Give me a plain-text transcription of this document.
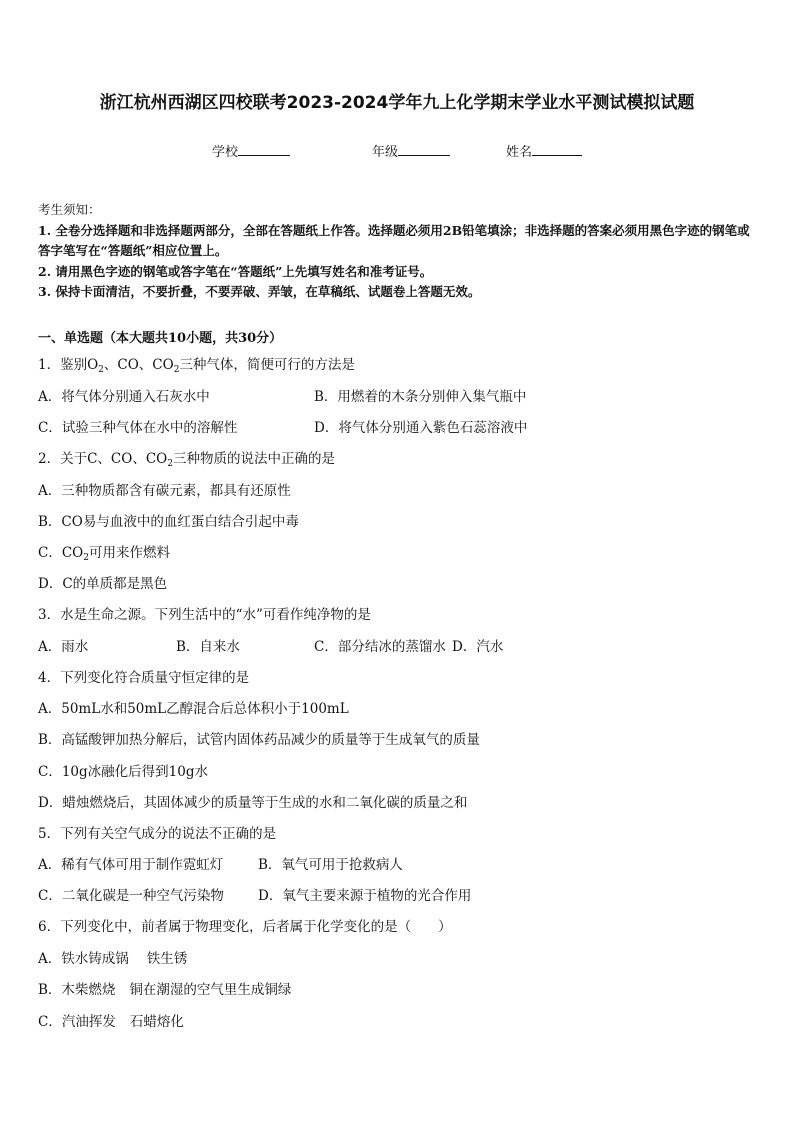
浙江杭州西湖区四校联考2023-2024学年九上化学期末学业水平测试模拟试题
学校	年级	姓名
考生须知：
1. 全卷分选择题和非选择题两部分，全部在答题纸上作答。选择题必须用2B铅笔填涂；非选择题的答案必须用黑色字迹的钢笔或答字笔写在“答题纸”相应位置上。
2. 请用黑色字迹的钢笔或答字笔在“答题纸”上先填写姓名和准考证号。
3. 保持卡面清洁，不要折叠，不要弄破、弄皱，在草稿纸、试题卷上答题无效。
一、单选题（本大题共10小题，共30分）
1．鉴别$O_2$、CO、$CO_2$三种气体，简便可行的方法是
A．将气体分别通入石灰水中	B．用燃着的木条分别伸入集气瓶中
C．试验三种气体在水中的溶解性	D．将气体分别通入紫色石蕊溶液中
2．关于C、CO、$CO_2$三种物质的说法中正确的是
A．三种物质都含有碳元素，都具有还原性
B．CO易与血液中的血红蛋白结合引起中毒
C．$CO_2$可用来作燃料
D．C的单质都是黑色
3．水是生命之源。下列生活中的“水”可看作纯净物的是
A．雨水	B．自来水	C．部分结冰的蒸馏水 D．汽水
4．下列变化符合质量守恒定律的是
A．50mL水和50mL乙醇混合后总体积小于100mL
B．高锰酸钾加热分解后，试管内固体药品减少的质量等于生成氧气的质量
C．10g冰融化后得到10g水
D．蜡烛燃烧后，其固体减少的质量等于生成的水和二氧化碳的质量之和
5．下列有关空气成分的说法不正确的是
A．稀有气体可用于制作霓虹灯	B．氧气可用于抢救病人
C．二氧化碳是一种空气污染物	D．氧气主要来源于植物的光合作用
6．下列变化中，前者属于物理变化，后者属于化学变化的是（　　）
A．铁水铸成锅 铁生锈
B．木柴燃烧 铜在潮湿的空气里生成铜绿
C．汽油挥发 石蜡熔化
